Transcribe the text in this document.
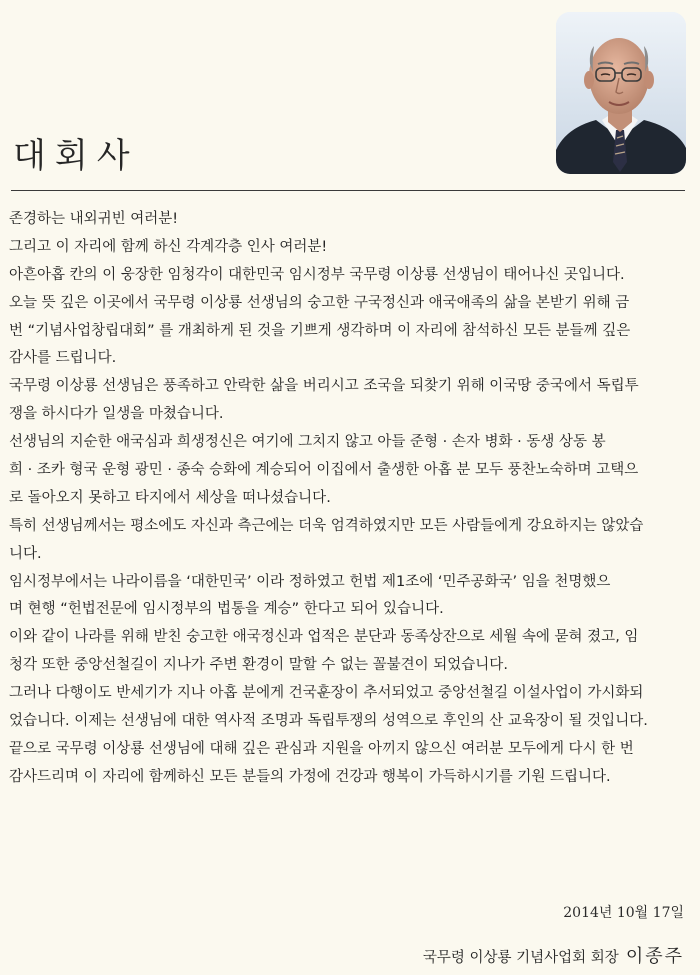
대회사
존경하는 내외귀빈 여러분!
그리고 이 자리에 함께 하신 각계각층 인사 여러분!
아흔아홉 칸의 이 웅장한 임청각이 대한민국 임시정부 국무령 이상룡 선생님이 태어나신 곳입니다.
오늘 뜻 깊은 이곳에서 국무령 이상룡 선생님의 숭고한 구국정신과 애국애족의 삶을 본받기 위해 금
번 “기념사업창립대회” 를 개최하게 된 것을 기쁘게 생각하며 이 자리에 참석하신 모든 분들께 깊은
감사를 드립니다.
국무령 이상룡 선생님은 풍족하고 안락한 삶을 버리시고 조국을 되찾기 위해 이국땅 중국에서 독립투
쟁을 하시다가 일생을 마쳤습니다.
선생님의 지순한 애국심과 희생정신은 여기에 그치지 않고 아들 준형 · 손자 병화 · 동생 상동 봉
희 · 조카 형국 운형 광민 · 종숙 승화에 계승되어 이집에서 출생한 아홉 분 모두 풍찬노숙하며 고택으
로 돌아오지 못하고 타지에서 세상을 떠나셨습니다.
특히 선생님께서는 평소에도 자신과 측근에는 더욱 엄격하였지만 모든 사람들에게 강요하지는 않았습
니다.
임시정부에서는 나라이름을 ‘대한민국’ 이라 정하였고 헌법 제1조에 ‘민주공화국’ 임을 천명했으
며 현행 “헌법전문에 임시정부의 법통을 계승” 한다고 되어 있습니다.
이와 같이 나라를 위해 받친 숭고한 애국정신과 업적은 분단과 동족상잔으로 세월 속에 묻혀 졌고, 임
청각 또한 중앙선철길이 지나가 주변 환경이 말할 수 없는 꼴불견이 되었습니다.
그러나 다행이도 반세기가 지나 아홉 분에게 건국훈장이 추서되었고 중앙선철길 이설사업이 가시화되
었습니다. 이제는 선생님에 대한 역사적 조명과 독립투쟁의 성역으로 후인의 산 교육장이 될 것입니다.
끝으로 국무령 이상룡 선생님에 대해 깊은 관심과 지원을 아끼지 않으신 여러분 모두에게 다시 한 번
감사드리며 이 자리에 함께하신 모든 분들의 가정에 건강과 행복이 가득하시기를 기원 드립니다.
2014년 10월 17일
국무령 이상룡 기념사업회 회장 이종주
